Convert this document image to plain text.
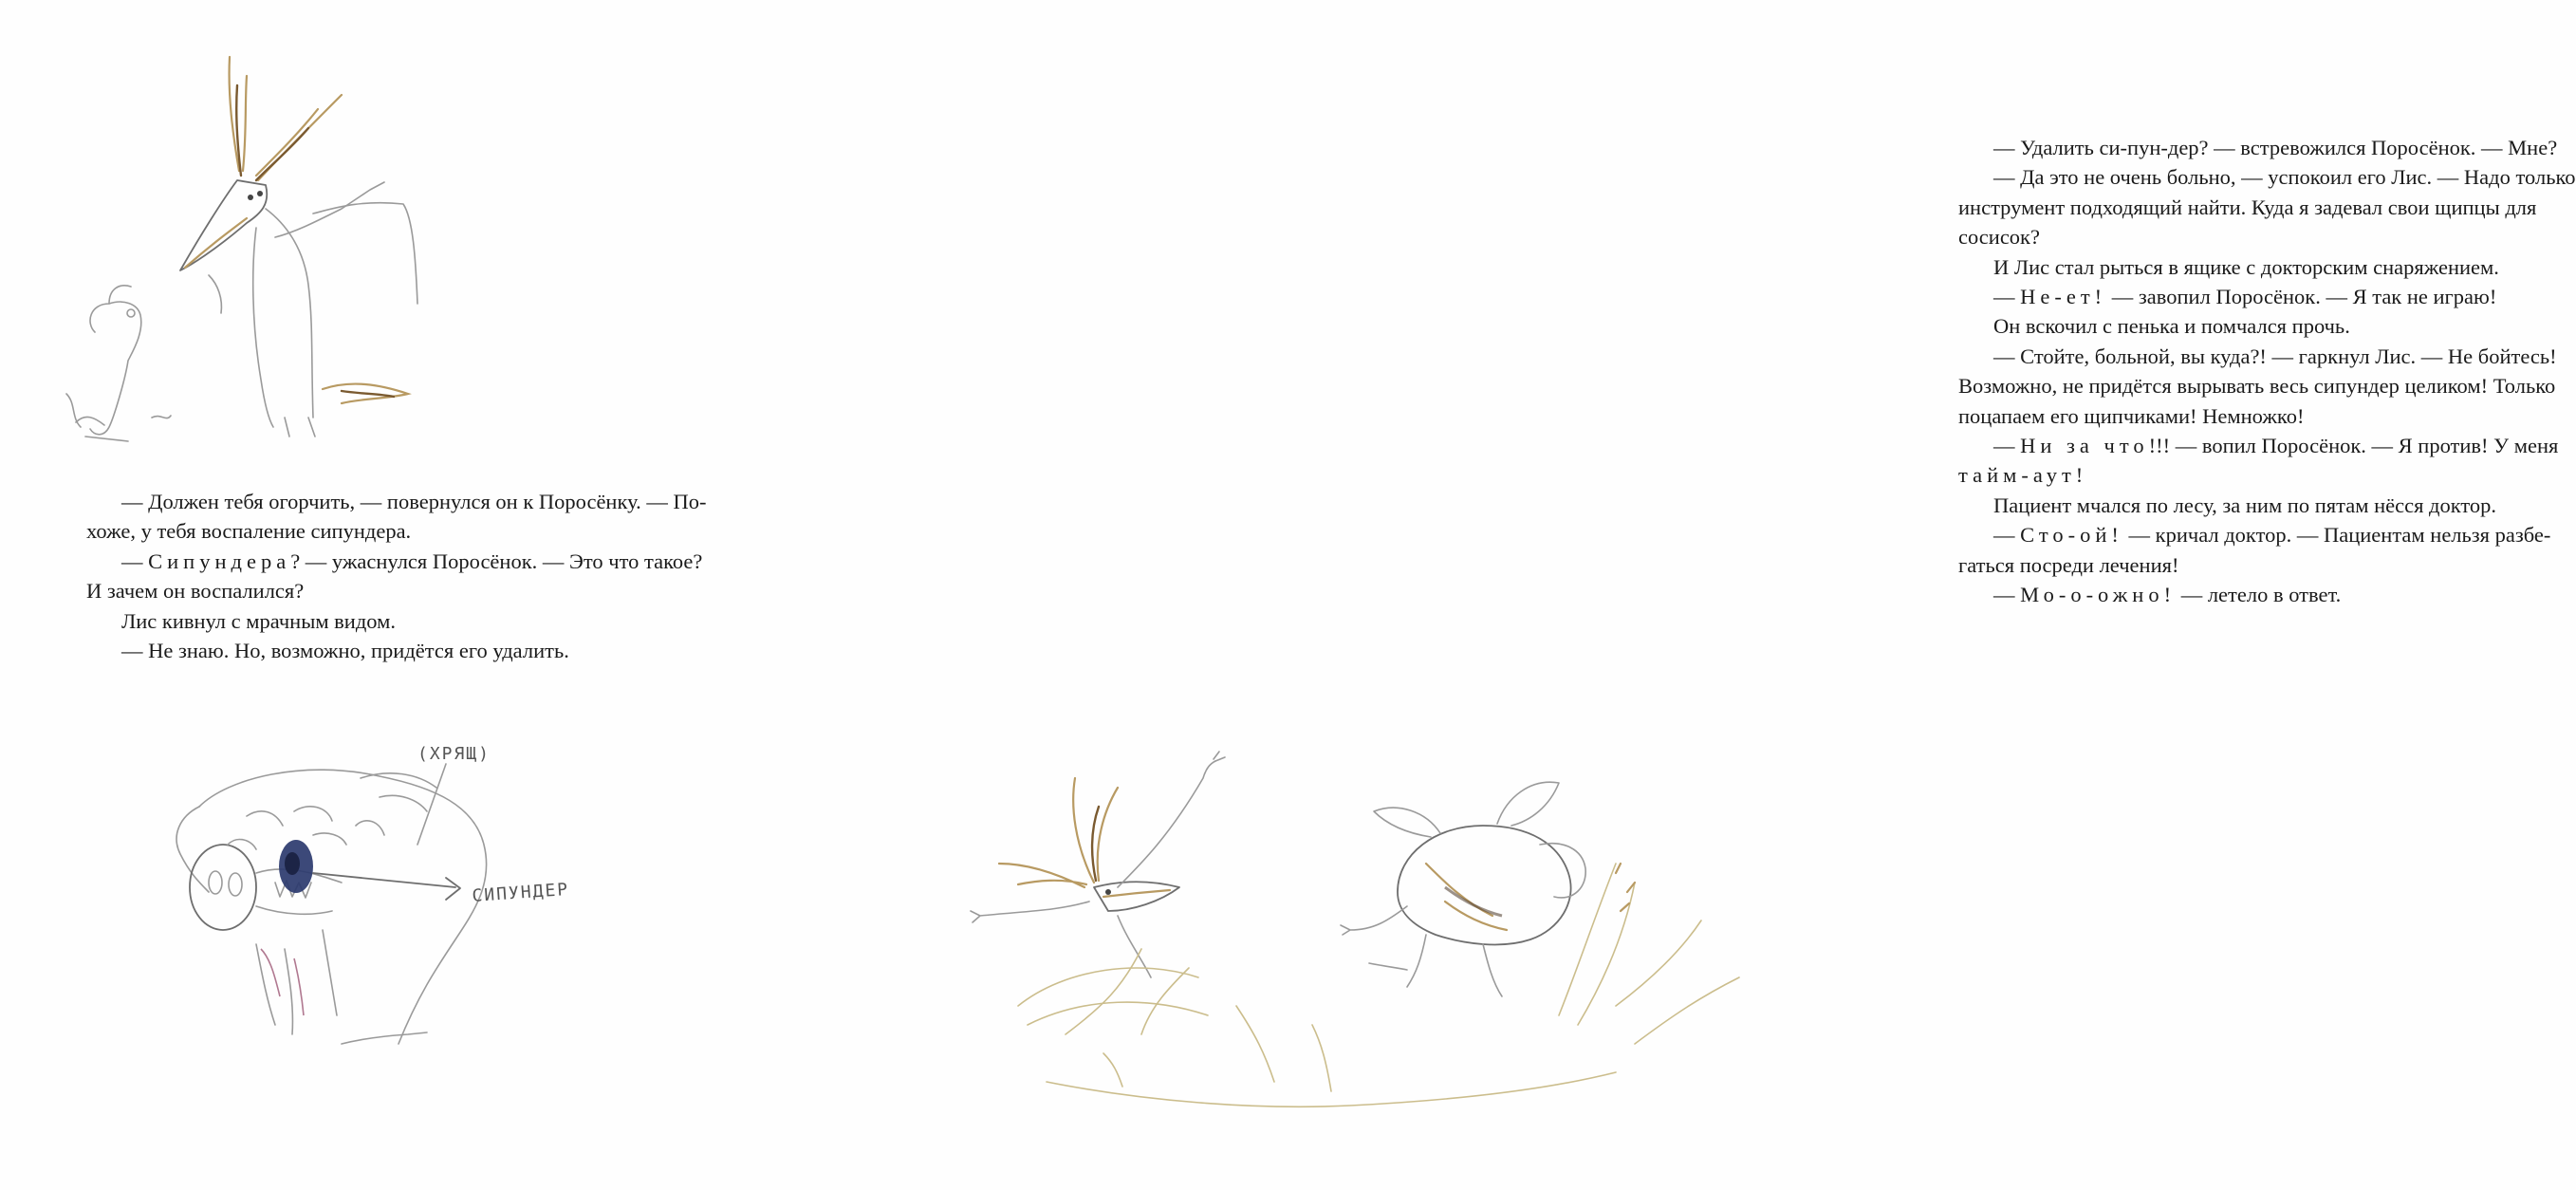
— Должен тебя огорчить, — повернулся он к Поросёнку. — По-

хоже, у тебя воспаление сипундера.

— Сипундера? — ужаснулся Поросёнок. — Это что такое?

И зачем он воспалился?

Лис кивнул с мрачным видом.

— Не знаю. Но, возможно, придётся его удалить.

(ХРЯЩ)
СИПУНДЕР

— Удалить си-пун-дер? — встревожился Поросёнок. — Мне?

— Да это не очень больно, — успокоил его Лис. — Надо только

инструмент подходящий найти. Куда я задевал свои щипцы для

сосисок?

И Лис стал рыться в ящике с докторским снаряжением.

— Не-ет! — завопил Поросёнок. — Я так не играю!

Он вскочил с пенька и помчался прочь.

— Стойте, больной, вы куда?! — гаркнул Лис. — Не бойтесь!

Возможно, не придётся вырывать весь сипундер целиком! Только

поцапаем его щипчиками! Немножко!

— Ни за что!!! — вопил Поросёнок. — Я против! У меня

тайм-аут!

Пациент мчался по лесу, за ним по пятам нёсся доктор.

— Сто-ой! — кричал доктор. — Пациентам нельзя разбе-

гаться посреди лечения!

— Мо-о-ожно! — летело в ответ.
